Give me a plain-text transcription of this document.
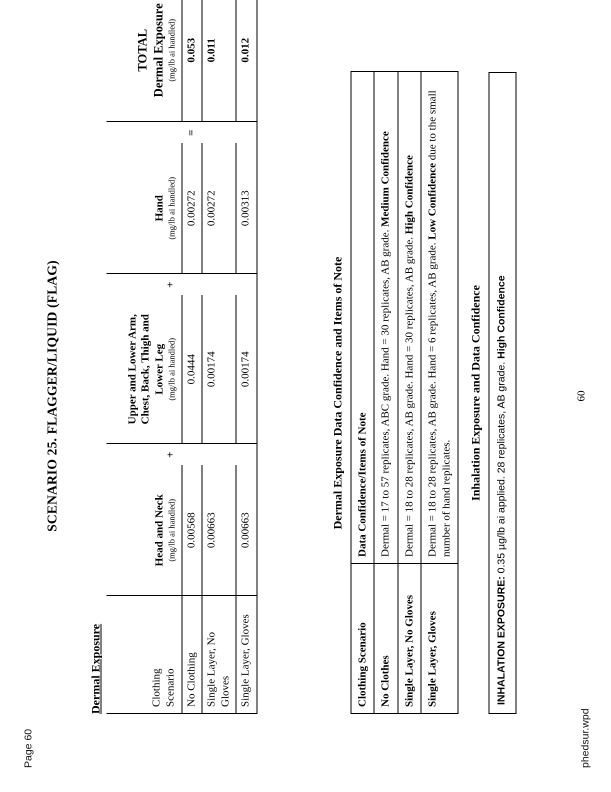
Page 60	phedsur.wpd
SCENARIO 25. FLAGGER/LIQUID (FLAG)
Dermal Exposure	Clothing
Scenario	Head and Neck (mg/lb ai handled)	+	Upper and Lower Arm, Chest, Back, Thigh and Lower Leg (mg/lb ai handled)	+	Hand (mg/lb ai handled)		TOTAL
Dermal Exposure (mg/lb ai handled)

No Clothing	0.00568		0.0444		0.00272	=	0.053
Single Layer, No Gloves	0.00663		0.00174		0.00272		0.011
Single Layer, Gloves	0.00663		0.00174		0.00313		0.012
Dermal Exposure Data Confidence and Items of Note
Clothing Scenario	Data Confidence/Items of Note
No Clothes	Dermal = 17 to 57 replicates, ABC grade. Hand = 30 replicates, AB grade. Medium Confidence
Single Layer, No Gloves	Dermal = 18 to 28 replicates, AB grade. Hand = 30 replicates, AB grade. High Confidence
Single Layer, Gloves	Dermal = 18 to 28 replicates, AB grade. Hand = 6 replicates, AB grade. Low Confidence due to the small number of hand replicates. Inhalation Exposure and Data Confidence
INHALATION EXPOSURE: 0.35 µg/lb ai applied. 28 replicates, AB grade. High Confidence
60
